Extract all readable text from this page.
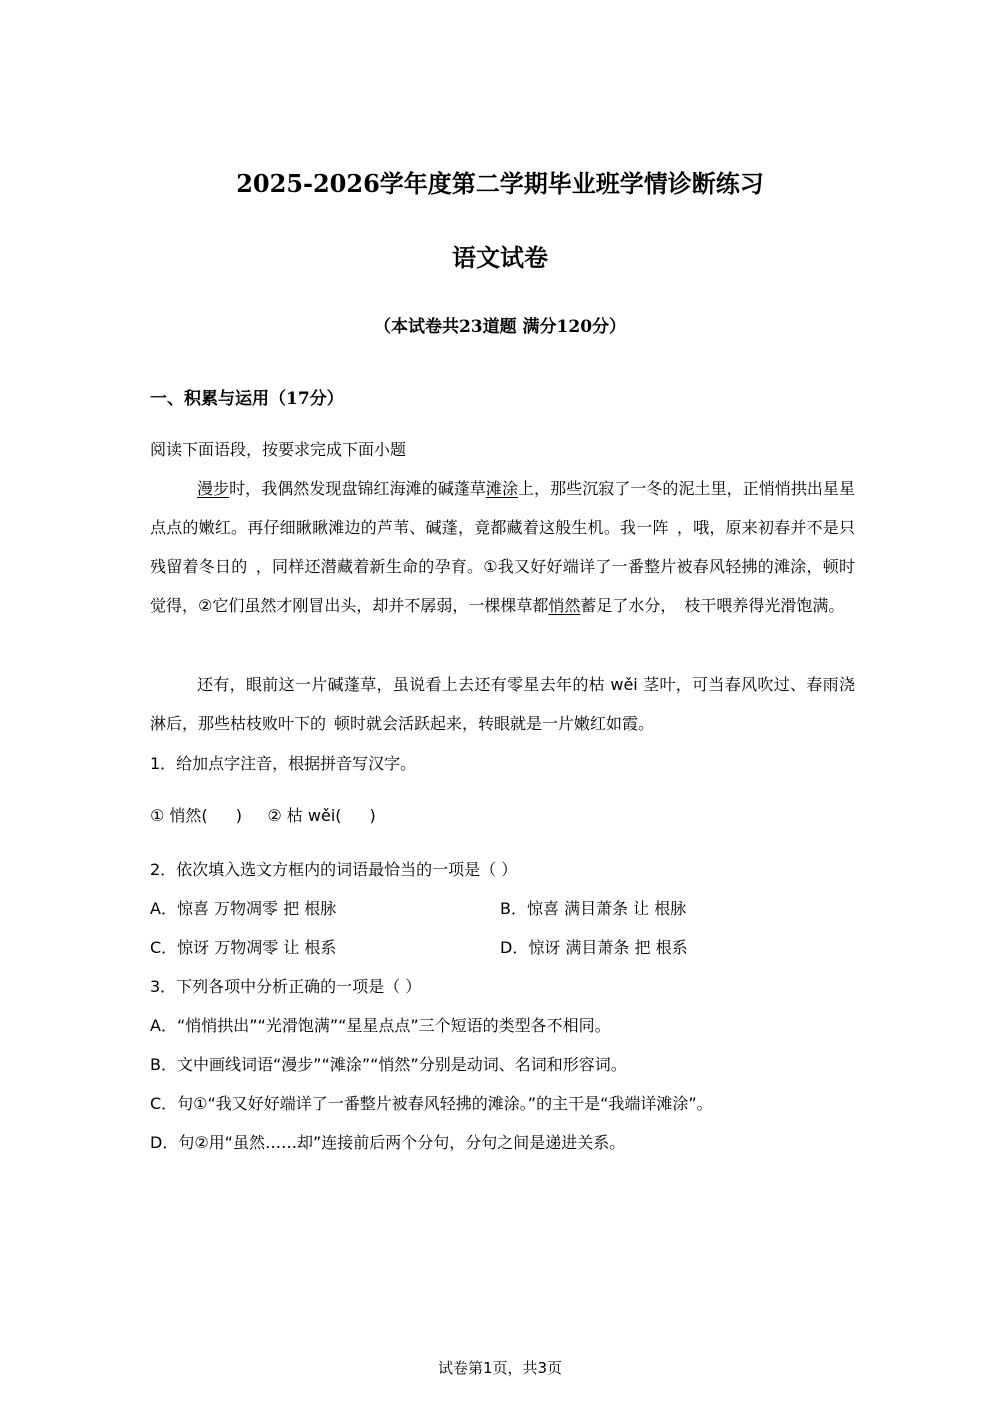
2025-2026学年度第二学期毕业班学情诊断练习
语文试卷
（本试卷共23道题 满分120分）
一、积累与运用（17分）
阅读下面语段，按要求完成下面小题

漫步时，我偶然发现盘锦红海滩的碱蓬草滩涂上，那些沉寂了一冬的泥土里，正悄悄拱出星星点点的嫩红。再仔细瞅瞅滩边的芦苇、碱蓬，竟都藏着这般生机。我一阵 ，哦，原来初春并不是只残留着冬日的 ，同样还潜藏着新生命的孕育。①我又好好端详了一番整片被春风轻拂的滩涂，顿时觉得，②它们虽然才刚冒出头，却并不孱弱，一棵棵草都悄然蓄足了水分， 枝干喂养得光滑饱满。

还有，眼前这一片碱蓬草，虽说看上去还有零星去年的枯 wěi 茎叶，可当春风吹过、春雨浇淋后，那些枯枝败叶下的 顿时就会活跃起来，转眼就是一片嫩红如霞。

1．给加点字注音，根据拼音写汉字。
① 悄然( ) ② 枯 wěi( )
2．依次填入选文方框内的词语最恰当的一项是（ ）
A．惊喜 万物凋零 把 根脉	B．惊喜 满目萧条 让 根脉
C．惊讶 万物凋零 让 根系	D．惊讶 满目萧条 把 根系
3．下列各项中分析正确的一项是（ ）
A．“悄悄拱出”“光滑饱满”“星星点点”三个短语的类型各不相同。
B．文中画线词语“漫步”“滩涂”“悄然”分别是动词、名词和形容词。
C．句①“我又好好端详了一番整片被春风轻拂的滩涂。”的主干是“我端详滩涂”。
D．句②用“虽然……却”连接前后两个分句，分句之间是递进关系。
试卷第1页，共3页
